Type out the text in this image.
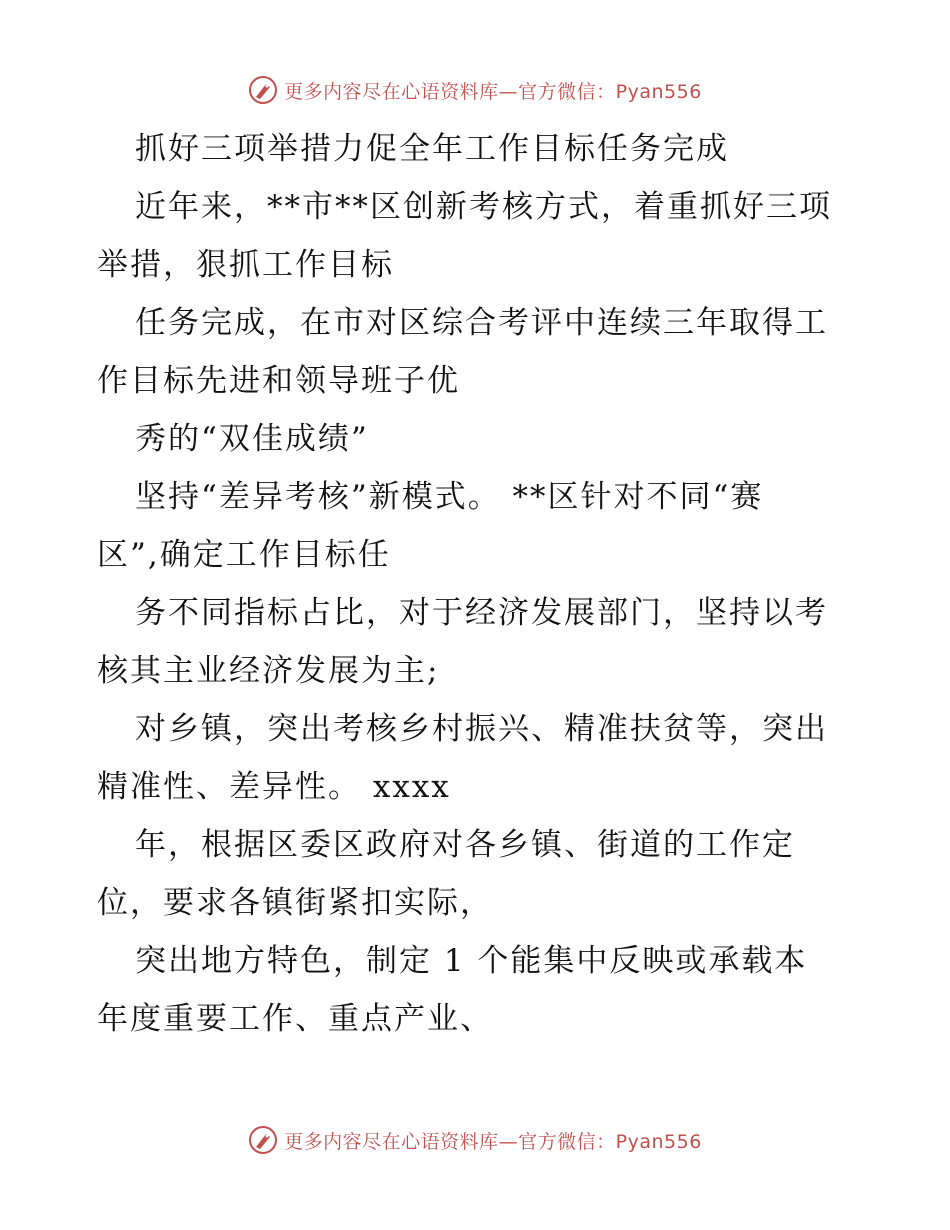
更多内容尽在心语资料库—官方微信：Pyan556
抓好三项举措力促全年工作目标任务完成
近年来，**市**区创新考核方式，着重抓好三项
举措，狠抓工作目标
任务完成，在市对区综合考评中连续三年取得工
作目标先进和领导班子优
秀的“双佳成绩”
坚持“差异考核”新模式。 **区针对不同“赛
区”,确定工作目标任
务不同指标占比，对于经济发展部门，坚持以考
核其主业经济发展为主;
对乡镇，突出考核乡村振兴、精准扶贫等，突出
精准性、差异性。 xxxx
年，根据区委区政府对各乡镇、街道的工作定
位，要求各镇街紧扣实际，
突出地方特色，制定 1 个能集中反映或承载本
年度重要工作、重点产业、
更多内容尽在心语资料库—官方微信：Pyan556
